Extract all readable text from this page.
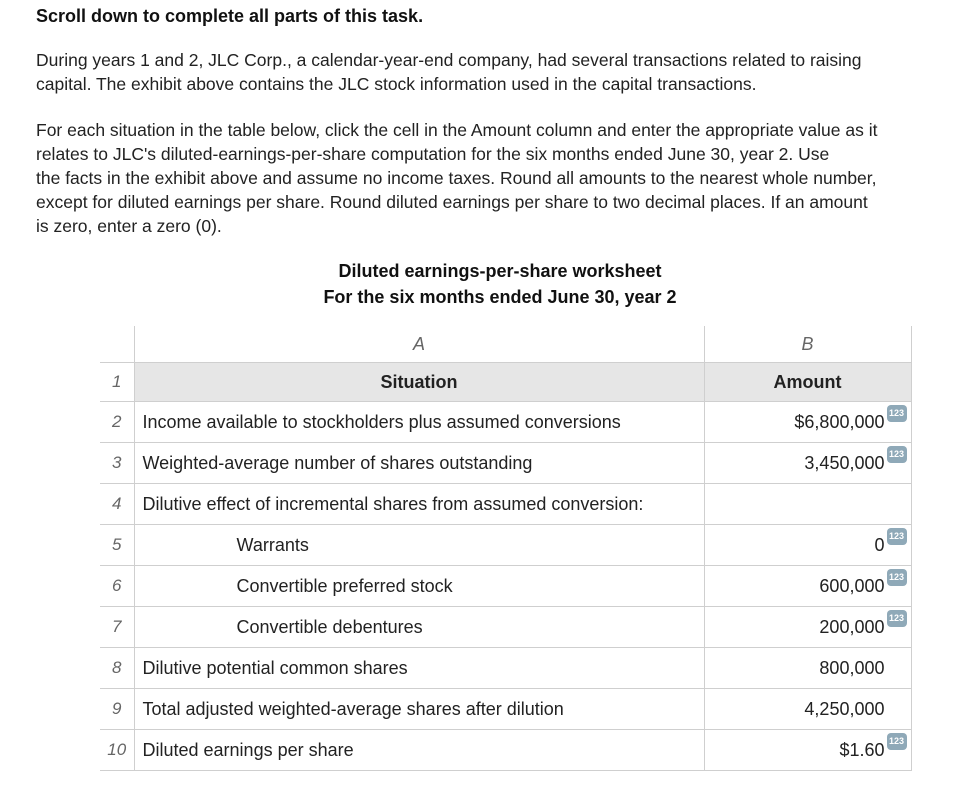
Scroll down to complete all parts of this task.
During years 1 and 2, JLC Corp., a calendar-year-end company, had several transactions related to raising
capital. The exhibit above contains the JLC stock information used in the capital transactions.
For each situation in the table below, click the cell in the Amount column and enter the appropriate value as it
relates to JLC's diluted-earnings-per-share computation for the six months ended June 30, year 2. Use
the facts in the exhibit above and assume no income taxes. Round all amounts to the nearest whole number,
except for diluted earnings per share. Round diluted earnings per share to two decimal places. If an amount
is zero, enter a zero (0).
Diluted earnings-per-share worksheet
For the six months ended June 30, year 2
	A	B
1	Situation	Amount
2	Income available to stockholders plus assumed conversions	$6,800,000 123

3	Weighted-average number of shares outstanding	3,450,000 123

4	Dilutive effect of incremental shares from assumed conversion:	
5	Warrants	0 123

6	Convertible preferred stock	600,000 123

7	Convertible debentures	200,000 123

8	Dilutive potential common shares	800,000
9	Total adjusted weighted-average shares after dilution	4,250,000
10	Diluted earnings per share	$1.60 123
